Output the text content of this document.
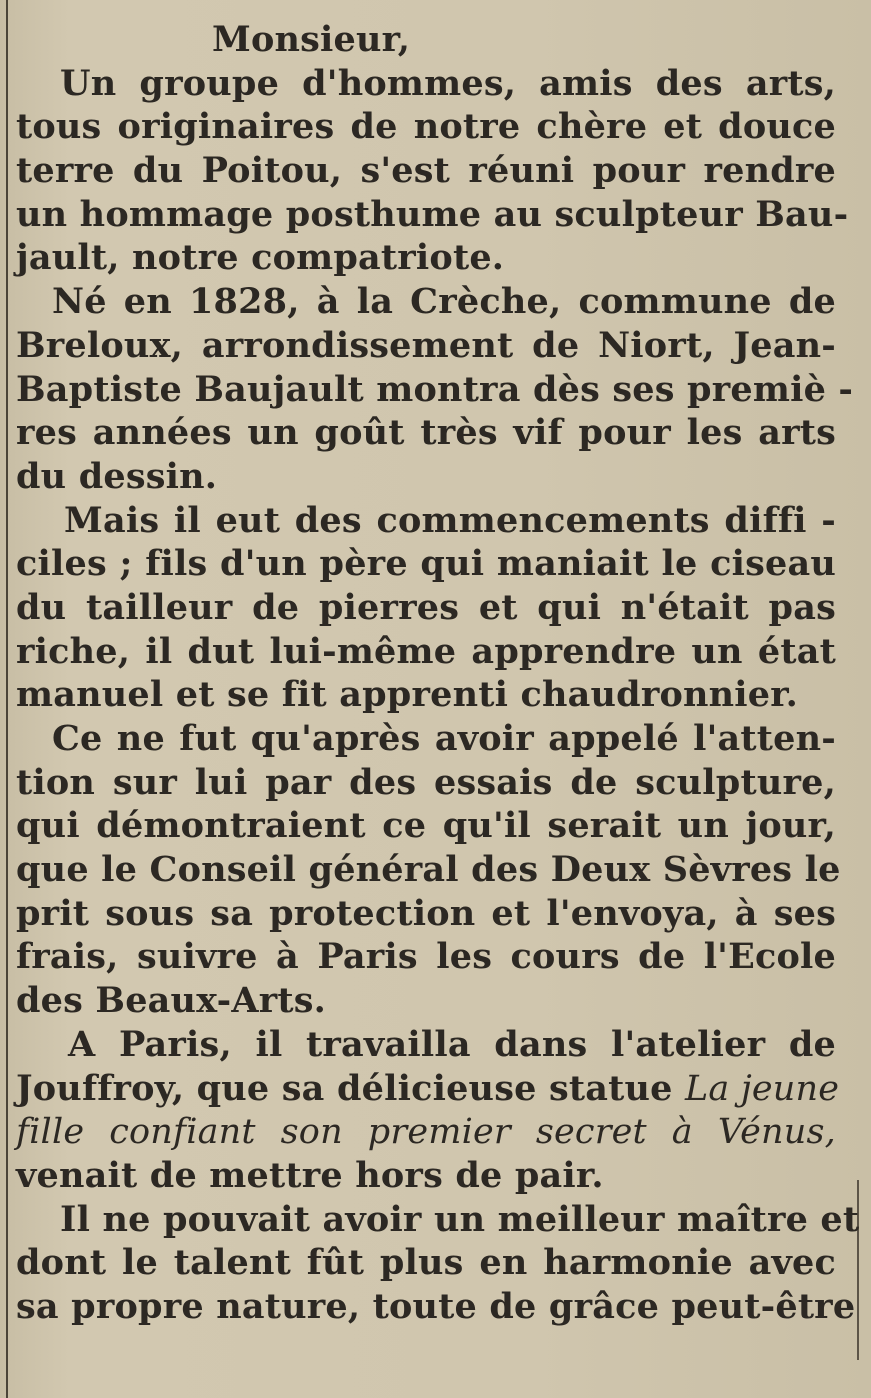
Monsieur,
Un groupe d'hommes, amis des arts,
tous originaires de notre chère et douce
terre du Poitou, s'est réuni pour rendre
un hommage posthume au sculpteur Bau-
jault, notre compatriote.
Né en 1828, à la Crèche, commune de
Breloux, arrondissement de Niort, Jean-
Baptiste Baujault montra dès ses premiè -
res années un goût très vif pour les arts
du dessin.
Mais il eut des commencements diffi -
ciles ; fils d'un père qui maniait le ciseau
du tailleur de pierres et qui n'était pas
riche, il dut lui-même apprendre un état
manuel et se fit apprenti chaudronnier.
Ce ne fut qu'après avoir appelé l'atten-
tion sur lui par des essais de sculpture,
qui démontraient ce qu'il serait un jour,
que le Conseil général des Deux Sèvres le
prit sous sa protection et l'envoya, à ses
frais, suivre à Paris les cours de l'Ecole
des Beaux-Arts.
A Paris, il travailla dans l'atelier de
Jouffroy, que sa délicieuse statue La jeune
fille confiant son premier secret à Vénus,
venait de mettre hors de pair.
Il ne pouvait avoir un meilleur maître et
dont le talent fût plus en harmonie avec
sa propre nature, toute de grâce peut-être
